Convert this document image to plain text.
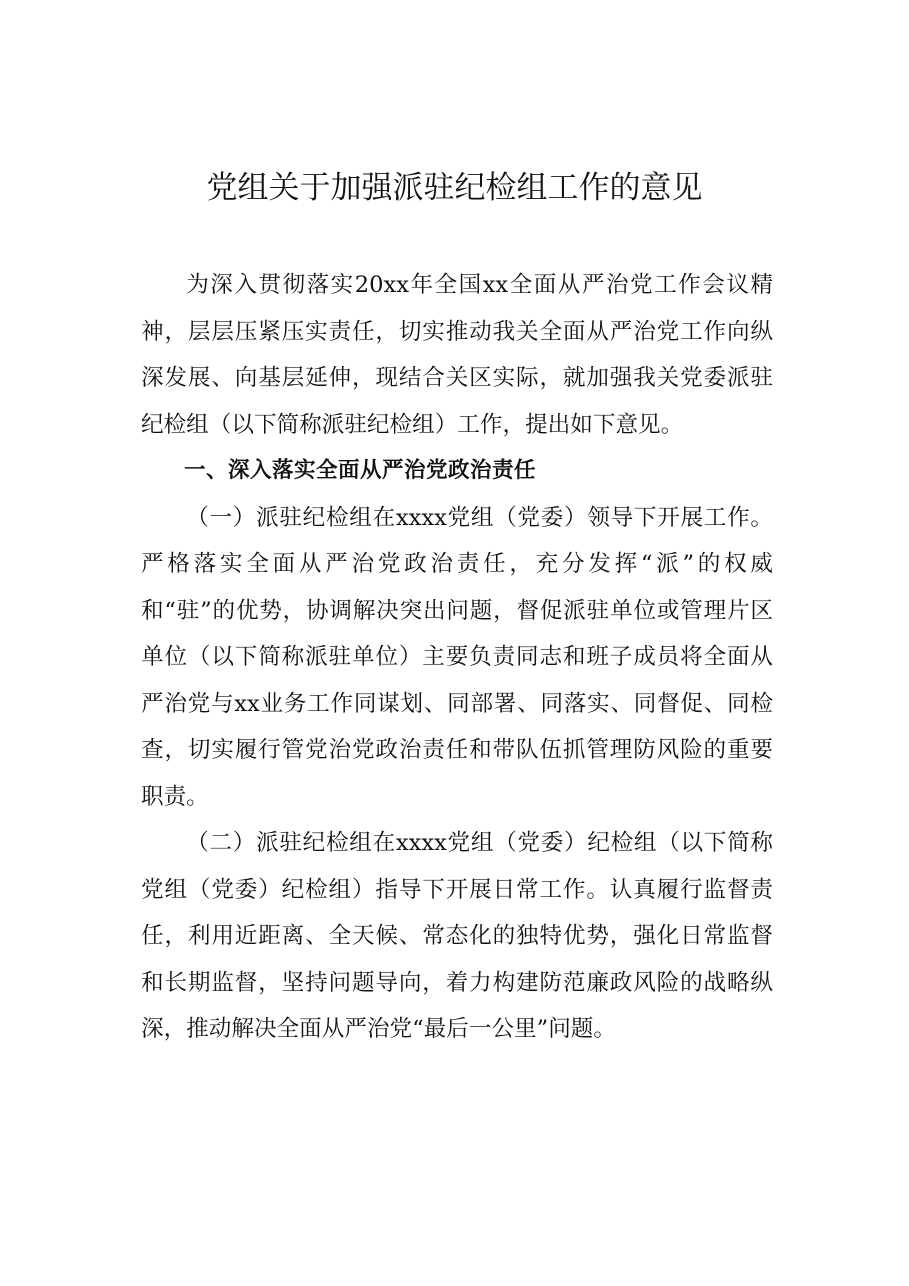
党组关于加强派驻纪检组工作的意见

为深入贯彻落实20xx年全国xx全面从严治党工作会议精神，层层压紧压实责任，切实推动我关全面从严治党工作向纵深发展、向基层延伸，现结合关区实际，就加强我关党委派驻纪检组（以下简称派驻纪检组）工作，提出如下意见。

一、深入落实全面从严治党政治责任

（一）派驻纪检组在xxxx党组（党委）领导下开展工作。严格落实全面从严治党政治责任，充分发挥“派”的权威和“驻”的优势，协调解决突出问题，督促派驻单位或管理片区单位（以下简称派驻单位）主要负责同志和班子成员将全面从严治党与xx业务工作同谋划、同部署、同落实、同督促、同检查，切实履行管党治党政治责任和带队伍抓管理防风险的重要职责。

（二）派驻纪检组在xxxx党组（党委）纪检组（以下简称党组（党委）纪检组）指导下开展日常工作。认真履行监督责任，利用近距离、全天候、常态化的独特优势，强化日常监督和长期监督，坚持问题导向，着力构建防范廉政风险的战略纵深，推动解决全面从严治党“最后一公里”问题。
